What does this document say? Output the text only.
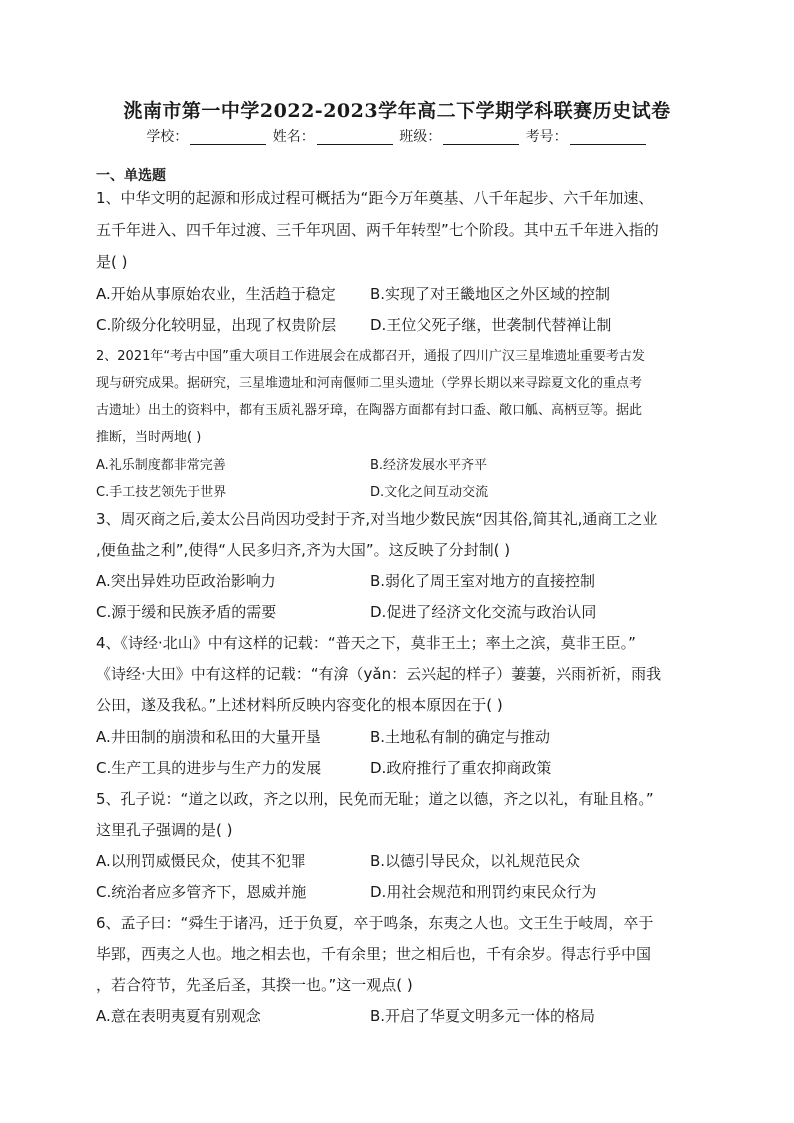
洮南市第一中学2022-2023学年高二下学期学科联赛历史试卷
学校：	姓名：	班级：	考号：
一、单选题
1、中华文明的起源和形成过程可概括为“距今万年奠基、八千年起步、六千年加速、
五千年进入、四千年过渡、三千年巩固、两千年转型”七个阶段。其中五千年进入指的
是( )
A.开始从事原始农业，生活趋于稳定 B.实现了对王畿地区之外区域的控制
C.阶级分化较明显，出现了权贵阶层 D.王位父死子继，世袭制代替禅让制
2、2021年“考古中国”重大项目工作进展会在成都召开，通报了四川广汉三星堆遗址重要考古发
现与研究成果。据研究，三星堆遗址和河南偃师二里头遗址（学界长期以来寻踪夏文化的重点考
古遗址）出土的资料中，都有玉质礼器牙璋，在陶器方面都有封口盉、敞口觚、高柄豆等。据此
推断，当时两地( )
A.礼乐制度都非常完善	B.经济发展水平齐平
C.手工技艺领先于世界	D.文化之间互动交流
3、周灭商之后,姜太公吕尚因功受封于齐,对当地少数民族“因其俗,简其礼,通商工之业
,便鱼盐之利”,使得“人民多归齐,齐为大国”。这反映了分封制( )
A.突出异姓功臣政治影响力	B.弱化了周王室对地方的直接控制
C.源于缓和民族矛盾的需要	D.促进了经济文化交流与政治认同
4、《诗经·北山》中有这样的记载：“普天之下，莫非王土；率土之滨，莫非王臣。”
《诗经·大田》中有这样的记载：“有渰（yǎn：云兴起的样子）萋萋，兴雨祈祈，雨我
公田，遂及我私。”上述材料所反映内容变化的根本原因在于( )
A.井田制的崩溃和私田的大量开垦	B.土地私有制的确定与推动
C.生产工具的进步与生产力的发展	D.政府推行了重农抑商政策
5、孔子说：“道之以政，齐之以刑，民免而无耻；道之以德，齐之以礼，有耻且格。”
这里孔子强调的是( )
A.以刑罚威慑民众，使其不犯罪	B.以德引导民众，以礼规范民众
C.统治者应多管齐下，恩威并施	D.用社会规范和刑罚约束民众行为
6、孟子曰：“舜生于诸冯，迁于负夏，卒于鸣条，东夷之人也。文王生于岐周，卒于
毕郢，西夷之人也。地之相去也，千有余里；世之相后也，千有余岁。得志行乎中国
，若合符节，先圣后圣，其揆一也。”这一观点( )
A.意在表明夷夏有别观念	B.开启了华夏文明多元一体的格局
